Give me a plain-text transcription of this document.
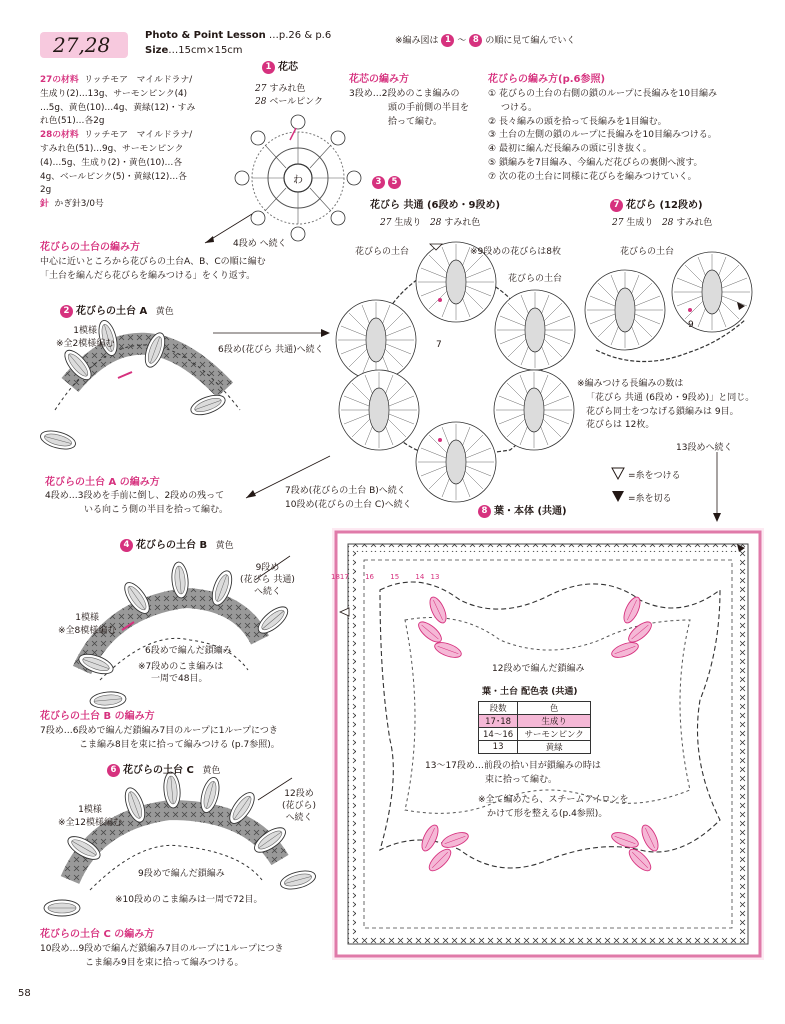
27,28	Photo & Point Lesson …p.26 & p.6
Size…15cm×15cm
※編み図は 1 ～ 8 の順に見て編んでいく
27の材料 リッチモア　マイルドラナ/
生成り(2)…13g、サーモンピンク(4)
…5g、黄色(10)…4g、黄緑(12)・すみ
れ色(51)…各2g
28の材料 リッチモア　マイルドラナ/
すみれ色(51)…9g、サーモンピンク
(4)…5g、生成り(2)・黄色(10)…各
4g、ベールピンク(5)・黄緑(12)…各
2g
針 かぎ針3/0号
1 花芯
27 すみれ色
28 ベールピンク
わ
4段め へ続く
花芯の編み方
3段め…2段めのこま編みの
頭の手前側の半目を
拾って編む。
花びらの編み方(p.6参照)
① 花びらの土台の右側の鎖のループに長編みを10目編み
つける。
② 長々編みの頭を拾って長編みを1目編む。
③ 土台の左側の鎖のループに長編みを10目編みつける。
④ 最初に編んだ長編みの頭に引き抜く。
⑤ 鎖編みを7目編み、今編んだ花びらの裏側へ渡す。
⑦ 次の花の土台に同様に花びらを編みつけていく。
花びらの土台の編み方
中心に近いところから花びらの土台A、B、Cの順に編む
「土台を編んだら花びらを編みつける」をくり返す。
2 花びらの土台 A 黄色
1模様
※全2模様編む
6段め(花びら 共通)へ続く
花びらの土台 A の編み方
4段め…3段めを手前に倒し、2段めの残って
いる向こう側の半目を拾って編む。
3 5
花びら 共通 (6段め・9段め)
27 生成り 28 すみれ色
花びらの土台	※9段めの花びらは8枚
花びらの土台
7
7 花びら (12段め)
27 生成り 28 すみれ色
花びらの土台
9
※編みつける長編みの数は
「花びら 共通 (6段め・9段め)」と同じ。
花びら同士をつなげる鎖編みは 9目。
花びらは 12枚。
13段めへ続く
=糸をつける
=糸を切る
7段め(花びらの土台 B)へ続く
10段め(花びらの土台 C)へ続く
4 花びらの土台 B 黄色
9段め
(花びら 共通)
へ続く
1模様
※全8模様編む
6段めで編んだ鎖編み
※7段めのこま編みは
一周で48目。
花びらの土台 B の編み方
7段め…6段めで編んだ鎖編み7目のループに1ループにつき
こま編み8目を束に拾って編みつける (p.7参照)。
6 花びらの土台 C 黄色
12段め
(花びら)
へ続く
1模様
※全12模様編む
9段めで編んだ鎖編み
※10段めのこま編みは一周で72目。
花びらの土台 C の編み方
10段め…9段めで編んだ鎖編み7目のループに1ループにつき
こま編み9目を束に拾って編みつける。
8 葉・本体 (共通)
1817 16 15 14 13
12段めで編んだ鎖編み
葉・土台 配色表 (共通)
段数	色
17･18	生成り
14～16	サーモンピンク
13	黄緑
13～17段め…前段の拾い目が鎖編みの時は
束に拾って編む。
※全て編めたら、スチームアイロンを
かけて形を整える(p.4参照)。
58
